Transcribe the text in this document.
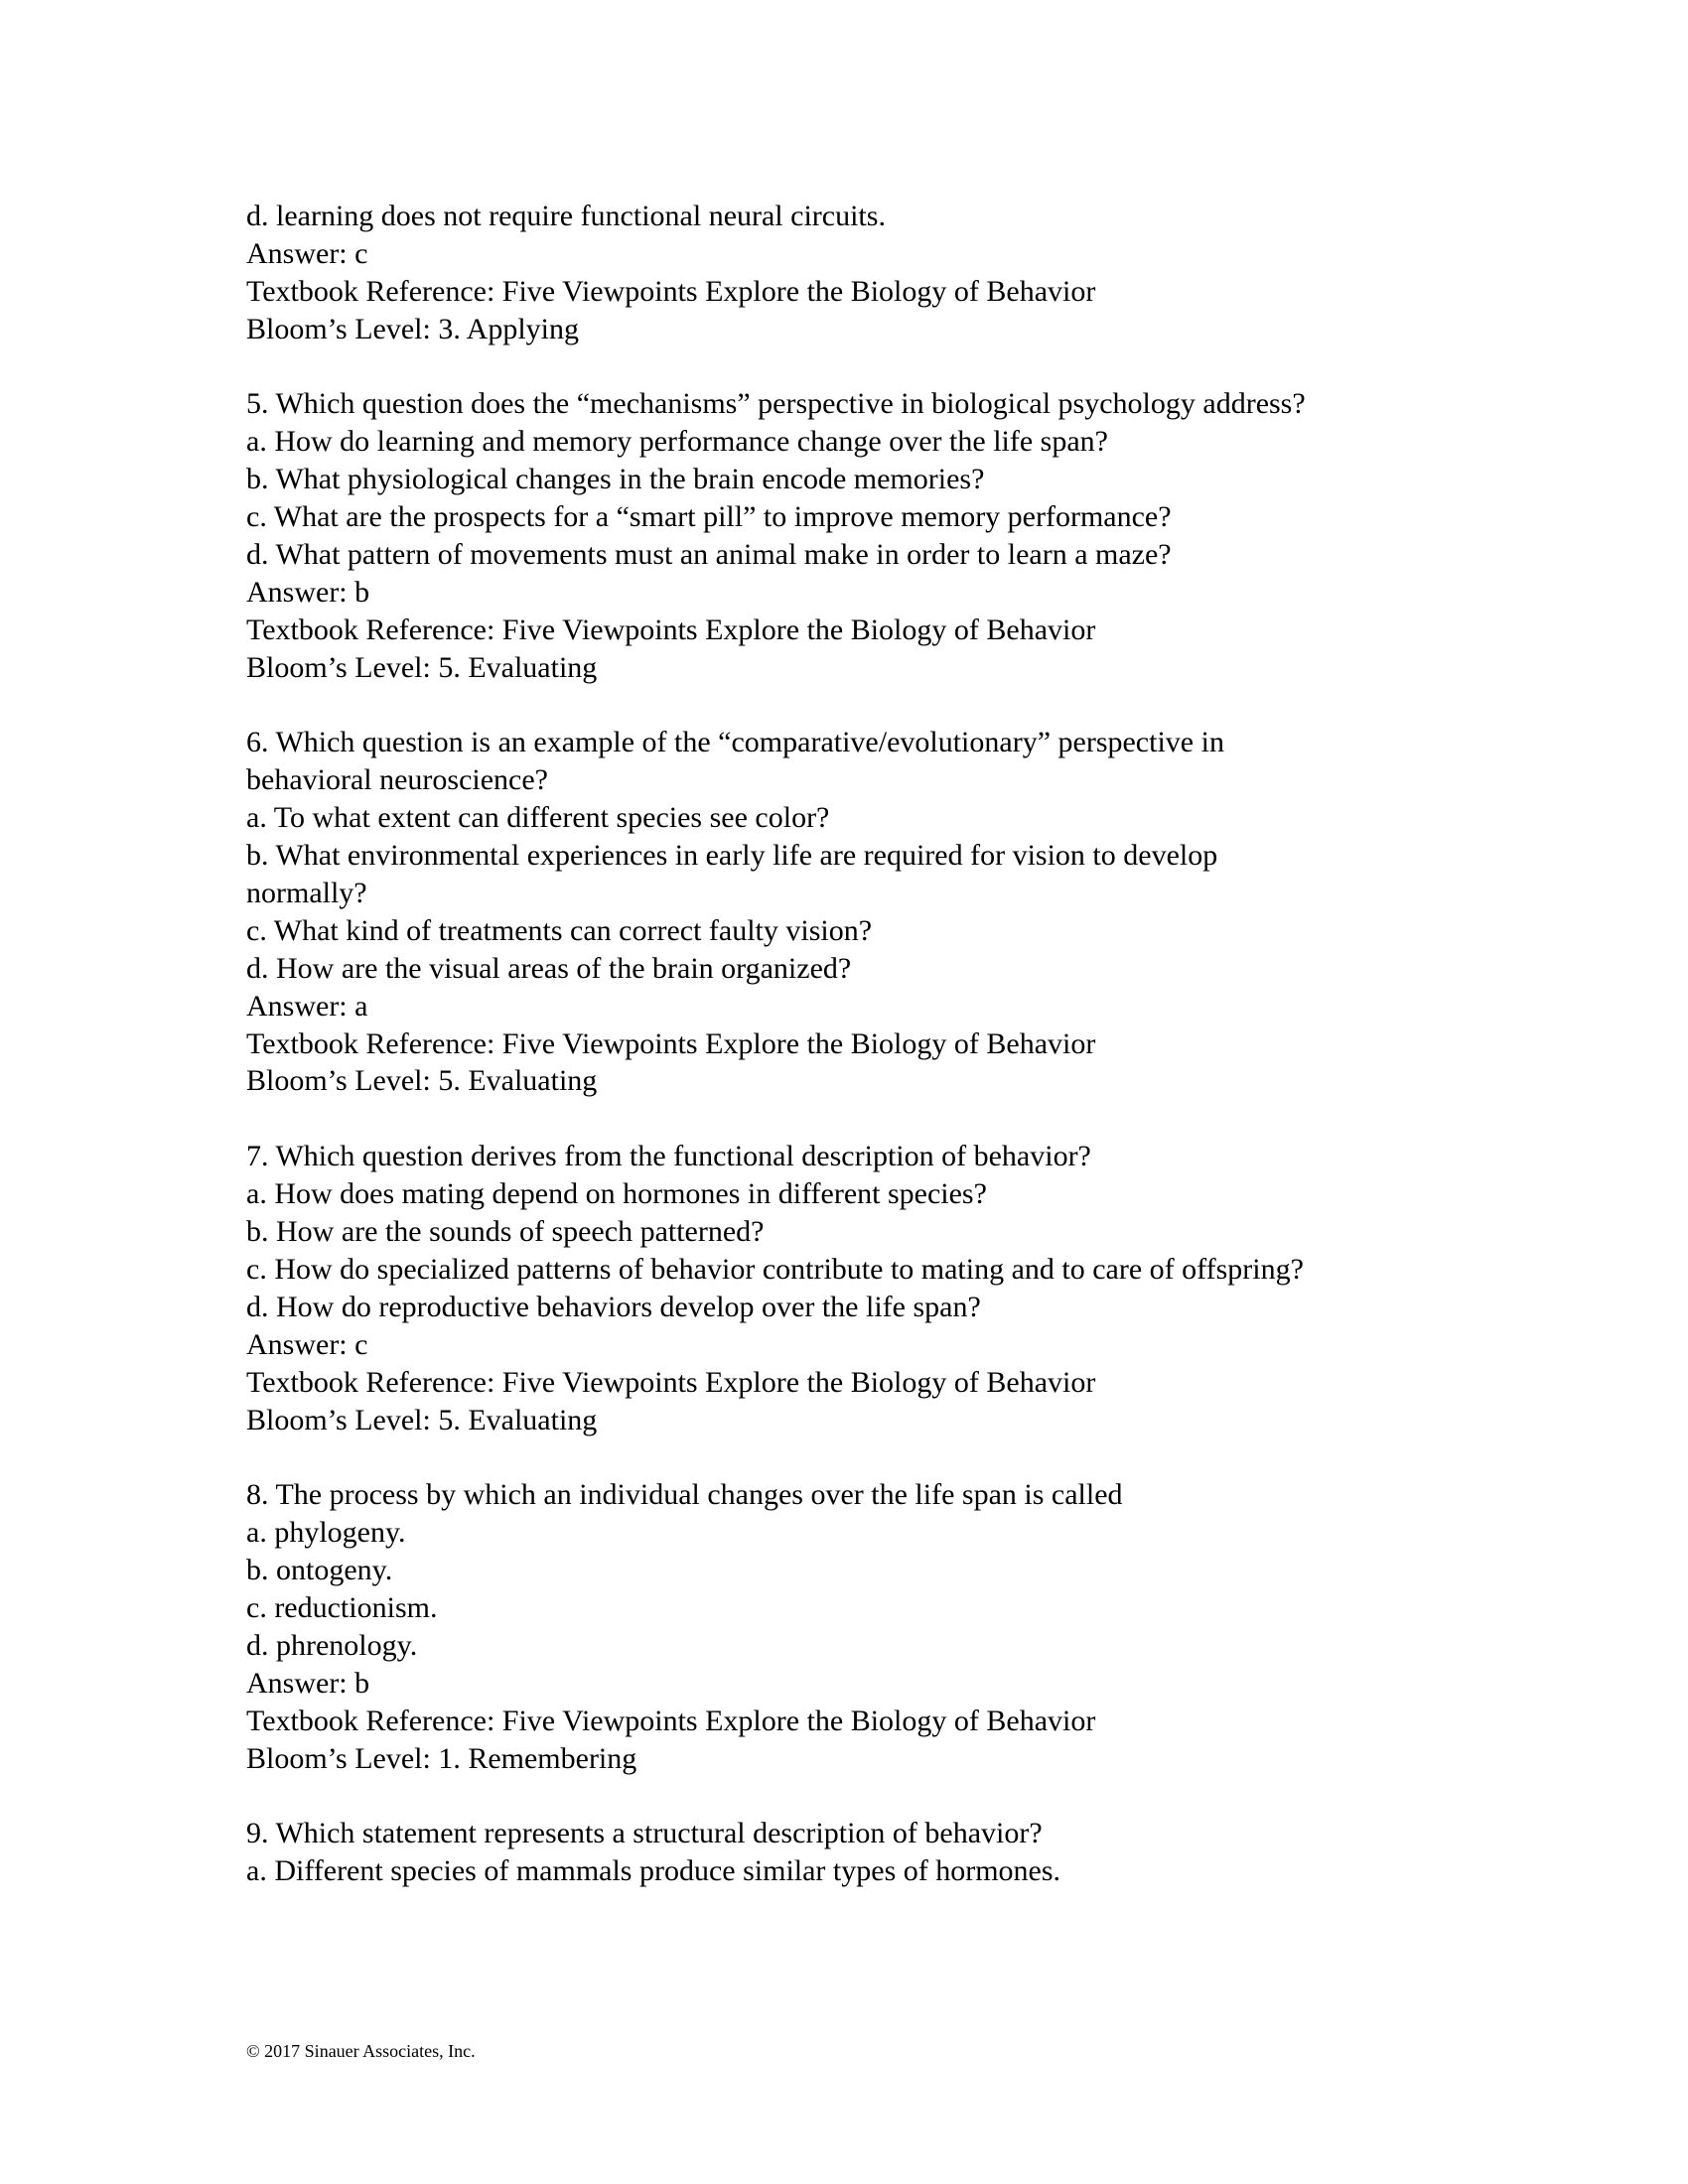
d. learning does not require functional neural circuits.
Answer: c
Textbook Reference: Five Viewpoints Explore the Biology of Behavior
Bloom’s Level: 3. Applying
5. Which question does the “mechanisms” perspective in biological psychology address?
a. How do learning and memory performance change over the life span?
b. What physiological changes in the brain encode memories?
c. What are the prospects for a “smart pill” to improve memory performance?
d. What pattern of movements must an animal make in order to learn a maze?
Answer: b
Textbook Reference: Five Viewpoints Explore the Biology of Behavior
Bloom’s Level: 5. Evaluating
6. Which question is an example of the “comparative/evolutionary” perspective in
behavioral neuroscience?
a. To what extent can different species see color?
b. What environmental experiences in early life are required for vision to develop
normally?
c. What kind of treatments can correct faulty vision?
d. How are the visual areas of the brain organized?
Answer: a
Textbook Reference: Five Viewpoints Explore the Biology of Behavior
Bloom’s Level: 5. Evaluating
7. Which question derives from the functional description of behavior?
a. How does mating depend on hormones in different species?
b. How are the sounds of speech patterned?
c. How do specialized patterns of behavior contribute to mating and to care of offspring?
d. How do reproductive behaviors develop over the life span?
Answer: c
Textbook Reference: Five Viewpoints Explore the Biology of Behavior
Bloom’s Level: 5. Evaluating
8. The process by which an individual changes over the life span is called
a. phylogeny.
b. ontogeny.
c. reductionism.
d. phrenology.
Answer: b
Textbook Reference: Five Viewpoints Explore the Biology of Behavior
Bloom’s Level: 1. Remembering
9. Which statement represents a structural description of behavior?
a. Different species of mammals produce similar types of hormones.
© 2017 Sinauer Associates, Inc.
